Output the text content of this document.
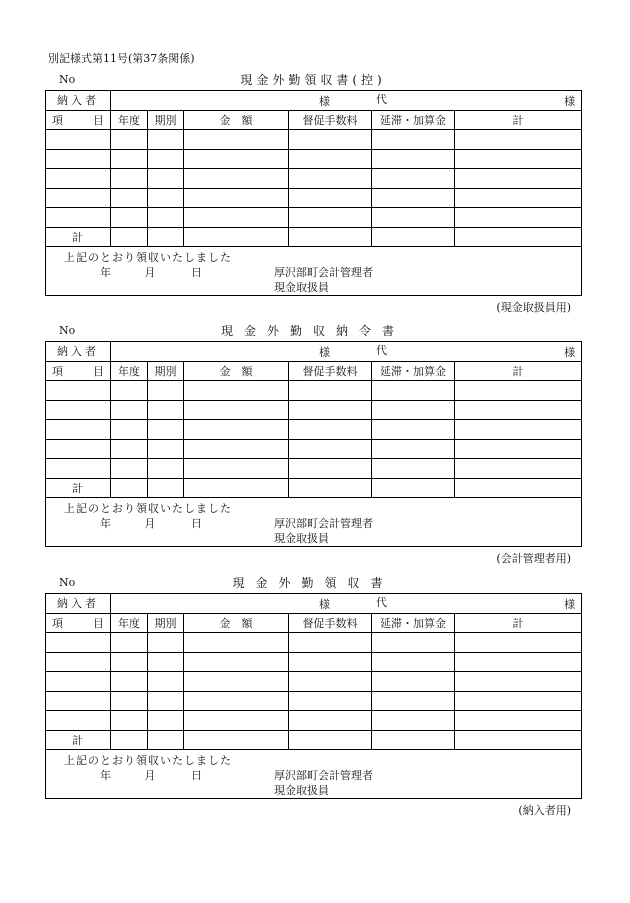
別記様式第11号(第37条関係)
No	現金外勤領収書(控)
納入者	様 代 様					

項　目	年度	期別	金　額	督促手数料	延滞・加算金	計

計						

上記のとおり領収いたしました
年 月 日 厚沢部町会計管理者
現金取扱員						
(現金取扱員用)
No	現金外勤収納令書
納入者	様 代 様					

項　目	年度	期別	金　額	督促手数料	延滞・加算金	計

計						

上記のとおり領収いたしました
年 月 日 厚沢部町会計管理者
現金取扱員						
(会計管理者用)
No	現金外勤領収書
納入者	様 代 様					

項　目	年度	期別	金　額	督促手数料	延滞・加算金	計

計						

上記のとおり領収いたしました
年 月 日 厚沢部町会計管理者
現金取扱員						
(納入者用)
